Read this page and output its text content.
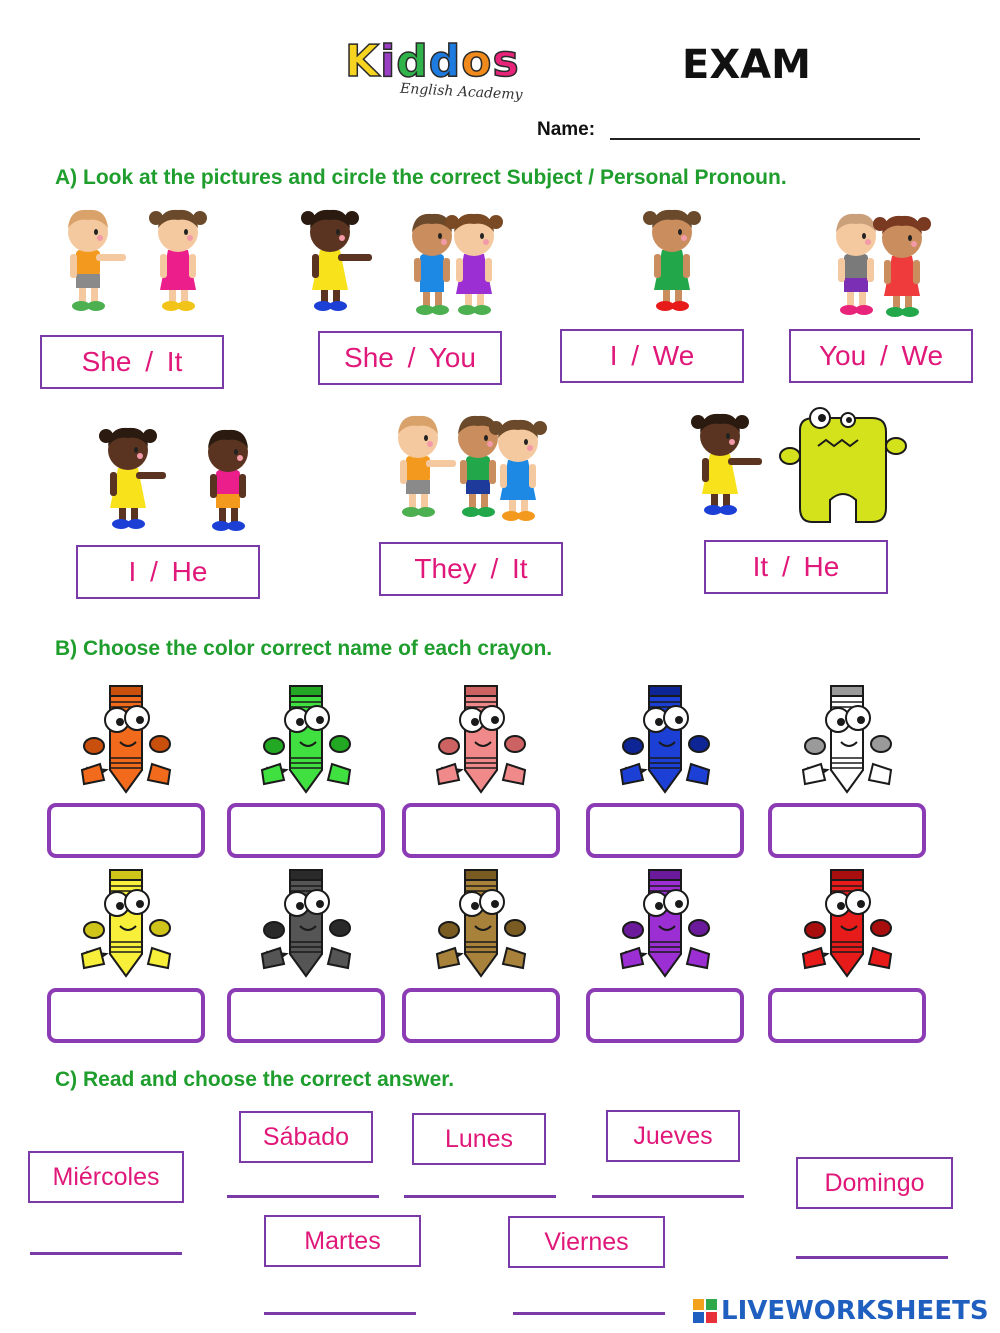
Kiddos
English Academy
EXAM
Name:
A) Look at the pictures and circle the correct Subject / Personal Pronoun.
She / It	She / You	I / We	You / We
I / He	They / It	It / He
B) Choose the color correct name of each crayon.
C) Read and choose the correct answer.
Miércoles
Sábado	Lunes	Jueves
Domingo
Martes	Viernes
LIVEWORKSHEETS
